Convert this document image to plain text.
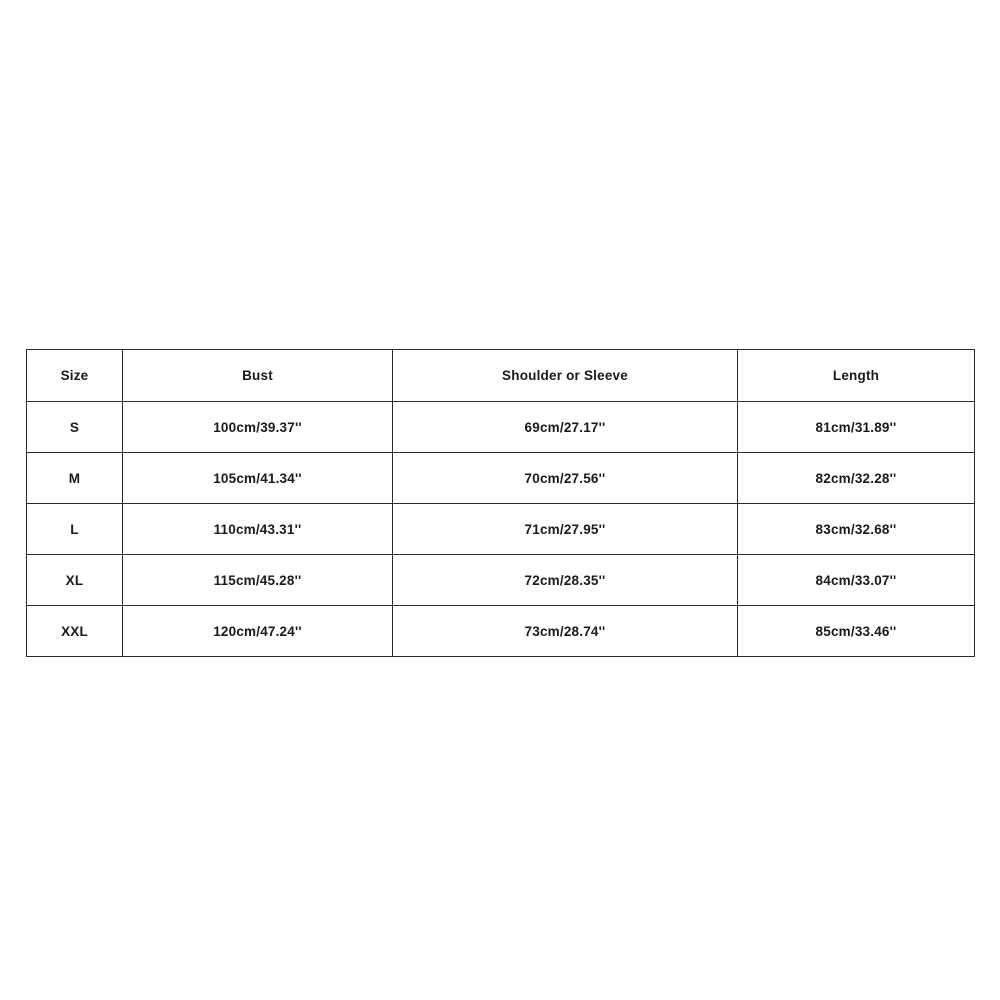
Size	Bust	Shoulder or Sleeve	Length
S	100cm/39.37''	69cm/27.17''	81cm/31.89''
M	105cm/41.34''	70cm/27.56''	82cm/32.28''
L	110cm/43.31''	71cm/27.95''	83cm/32.68''
XL	115cm/45.28''	72cm/28.35''	84cm/33.07''
XXL	120cm/47.24''	73cm/28.74''	85cm/33.46''
